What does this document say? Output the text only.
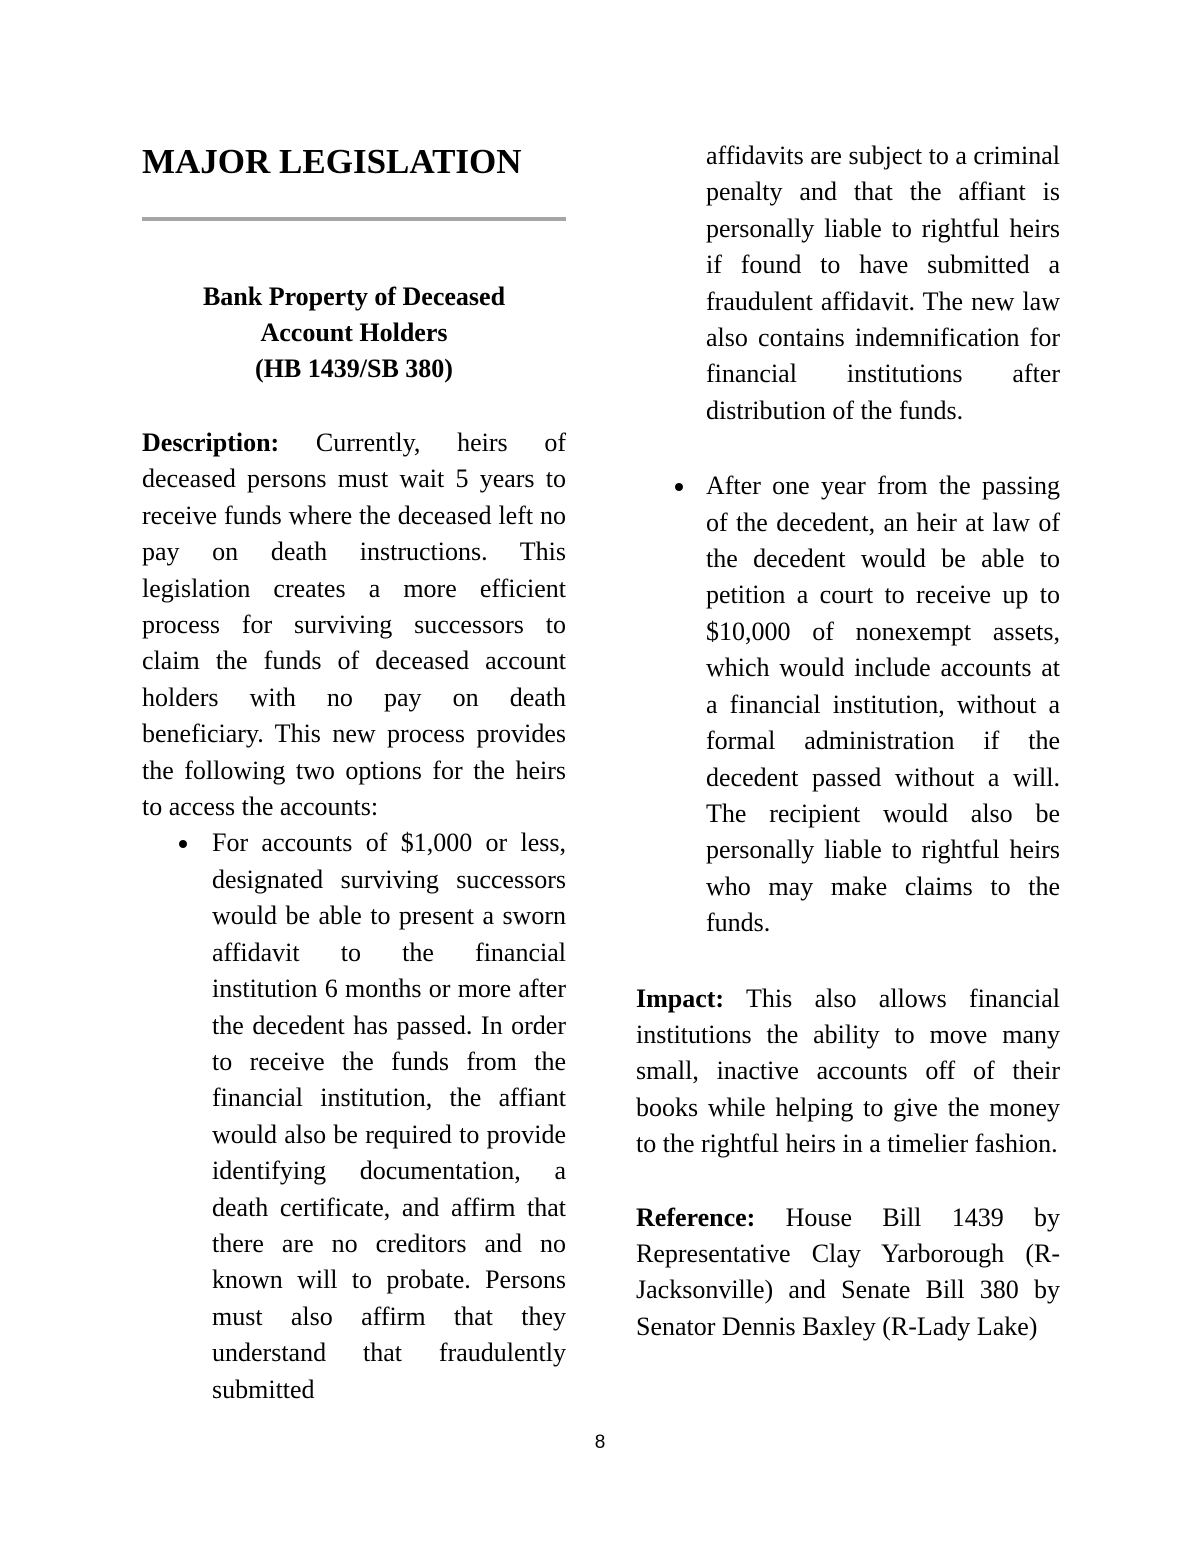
MAJOR LEGISLATION
Bank Property of Deceased
Account Holders
(HB 1439/SB 380)

Description: Currently, heirs of deceased persons must wait 5 years to receive funds where the deceased left no pay on death instructions. This legislation creates a more efficient process for surviving successors to claim the funds of deceased account holders with no pay on death beneficiary. This new process provides the following two options for the heirs to access the accounts:

For accounts of $1,000 or less, designated surviving successors would be able to present a sworn affidavit to the financial institution 6 months or more after the decedent has passed. In order to receive the funds from the financial institution, the affiant would also be required to provide identifying documentation, a death certificate, and affirm that there are no creditors and no known will to probate. Persons must also affirm that they understand that fraudulently submitted
affidavits are subject to a criminal penalty and that the affiant is personally liable to rightful heirs if found to have submitted a fraudulent affidavit. The new law also contains indemnification for financial institutions after distribution of the funds.
After one year from the passing of the decedent, an heir at law of the decedent would be able to petition a court to receive up to $10,000 of nonexempt assets, which would include accounts at a financial institution, without a formal administration if the decedent passed without a will. The recipient would also be personally liable to rightful heirs who may make claims to the funds.

Impact: This also allows financial institutions the ability to move many small, inactive accounts off of their books while helping to give the money to the rightful heirs in a timelier fashion.

Reference: House Bill 1439 by Representative Clay Yarborough (R-Jacksonville) and Senate Bill 380 by Senator Dennis Baxley (R-Lady Lake)

8
